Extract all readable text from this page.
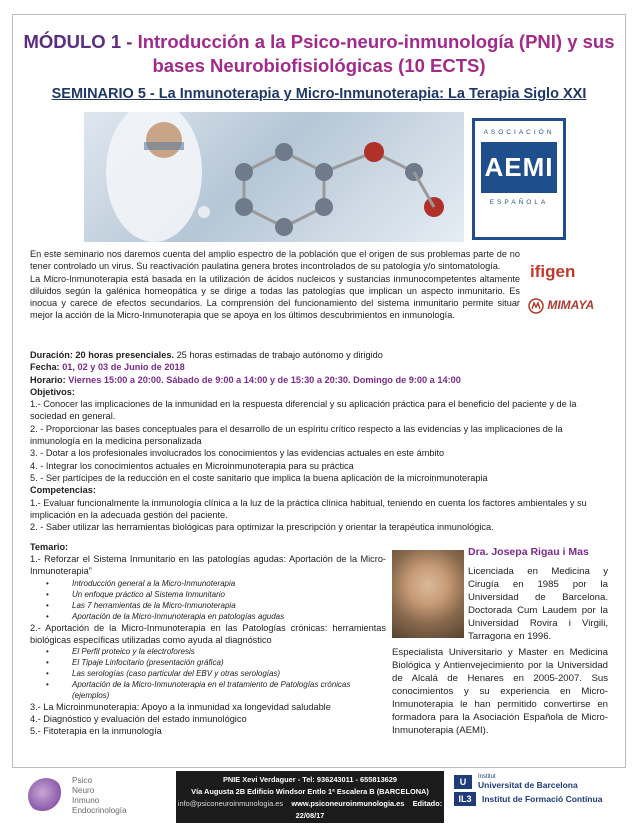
MÓDULO 1 - Introducción a la Psico-neuro-inmunología (PNI) y sus bases Neurobiofisiológicas (10 ECTS)
SEMINARIO 5 - La Inmunoterapia y Micro-Inmunoterapia: La Terapia Siglo XXI
ASOCIACIÓN
AEMI
ESPAÑOLA
ifigen
MIMAYA

En este seminario nos daremos cuenta del amplio espectro de la población que el origen de sus problemas parte de no tener controlado un virus. Su reactivación paulatina genera brotes incontrolados de su patología y/o sintomatología.

La Micro-Inmunoterapia está basada en la utilización de ácidos nucleicos y sustancias inmunocompetentes altamente diluidos según la galénica homeopática y se dirige a todas las patologías que implican un aspecto inmunitario. Es inocua y carece de efectos secundarios. La comprensión del funcionamiento del sistema inmunitario permite situar mejor la acción de la Micro-Inmunoterapia que se apoya en los últimos descubrimientos en inmunología.

Duración: 20 horas presenciales. 25 horas estimadas de trabajo autónomo y dirigido
Fecha: 01, 02 y 03 de Junio de 2018
Horario: Viernes 15:00 a 20:00. Sábado de 9:00 a 14:00 y de 15:30 a 20:30. Domingo de 9:00 a 14:00
Objetivos:
1.- Conocer las implicaciones de la inmunidad en la respuesta diferencial y su aplicación práctica para el beneficio del paciente y de la sociedad en general.
2. - Proporcionar las bases conceptuales para el desarrollo de un espíritu crítico respecto a las evidencias y las implicaciones de la inmunología en la medicina personalizada
3. - Dotar a los profesionales involucrados los conocimientos y las evidencias actuales en este ámbito
4. - Integrar los conocimientos actuales en Microinmunoterapia para su práctica
5. - Ser partícipes de la reducción en el coste sanitario que implica la buena aplicación de la microinmunoterapia
Competencias:
1.- Evaluar funcionalmente la inmunología clínica a la luz de la práctica clínica habitual, teniendo en cuenta los factores ambientales y su implicación en la adecuada gestión del paciente.
2. - Saber utilizar las herramientas biológicas para optimizar la prescripción y orientar la terapéutica inmunológica.
Temario:

1.- Reforzar el Sistema Inmunitario en las patologías agudas: Aportación de la Micro-Inmunoterapia”

• Introducción general a la Micro-Inmunoterapia
• Un enfoque práctico al Sistema Inmunitario
• Las 7 herramientas de la Micro-Inmunoterapia
• Aportación de la Micro-Inmunoterapia en patologías agudas

2.- Aportación de la Micro-Inmunoterapia en las Patologías crónicas: herramientas biológicas específicas utilizadas como ayuda al diagnóstico

• El Perfil proteico y la electroforesis
• El Tipaje Linfocitario (presentación gráfica)
• Las serologías (caso particular del EBV y otras serologías)
• Aportación de la Micro-Inmunoterapia en el tratamiento de Patologías crónicas (ejemplos)

3.- La Microinmunoterapia: Apoyo a la inmunidad xa longevidad saludable

4.- Diagnóstico y evaluación del estado inmunológico

5.- Fitoterapia en la inmunología

Dra. Josepa Rigau i Mas
Licenciada en Medicina y Cirugía en 1985 por la Universidad de Barcelona. Doctorada Cum Laudem por la Universidad Rovira i Virgili, Tarragona en 1996.
Especialista Universitario y Master en Medicina Biológica y Antienvejecimiento por la Universidad de Alcalá de Henares en 2005-2007. Sus conocimientos y su experiencia en Micro-Inmunoterapia le han permitido convertirse en formadora para la Asociación Española de Micro-Inmunoterapia (AEMI).
Psico
Neuro
Inmuno
Endocrinología
PNIE Xevi Verdaguer - Tel: 936243011 - 655813629
Vía Augusta 2B Edificio Windsor Entlo 1ª Escalera B (BARCELONA)
info@psiconeuroinmunologia.es www.psiconeuroinmunologia.es Editado: 22/08/17
U	Institut
Universitat de Barcelona
IL3	Institut de Formació Contínua
